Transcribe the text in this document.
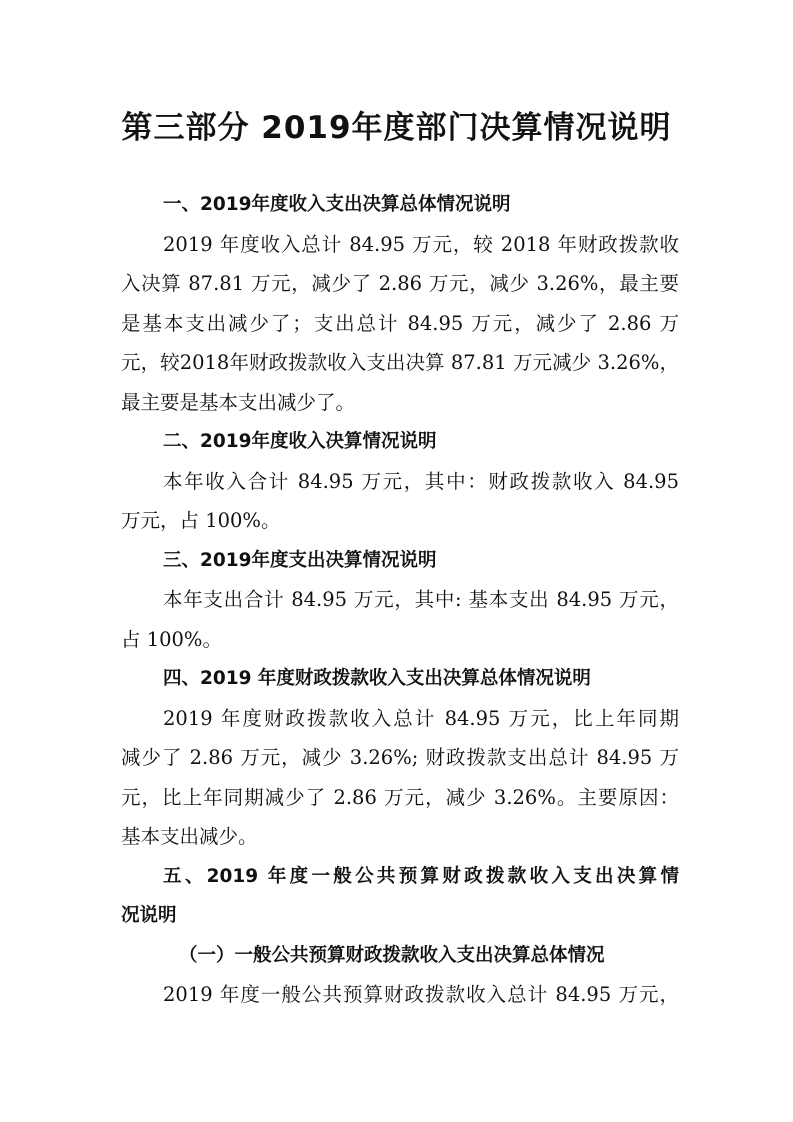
第三部分 2019年度部门决算情况说明
一、2019年度收入支出决算总体情况说明
2019 年度收入总计 84.95 万元，较 2018 年财政拨款收
入决算 87.81 万元，减少了 2.86 万元，减少 3.26%，最主要
是基本支出减少了；支出总计 84.95 万元，减少了 2.86 万
元，较2018年财政拨款收入支出决算 87.81 万元减少 3.26%，
最主要是基本支出减少了。
二、2019年度收入决算情况说明
本年收入合计 84.95 万元，其中：财政拨款收入 84.95
万元，占 100%。
三、2019年度支出决算情况说明
本年支出合计 84.95 万元，其中: 基本支出 84.95 万元，
占 100%。
四、2019 年度财政拨款收入支出决算总体情况说明
2019 年度财政拨款收入总计 84.95 万元，比上年同期
减少了 2.86 万元，减少 3.26%; 财政拨款支出总计 84.95 万
元，比上年同期减少了 2.86 万元，减少 3.26%。主要原因：
基本支出减少。
五、2019 年度一般公共预算财政拨款收入支出决算情
况说明
（一）一般公共预算财政拨款收入支出决算总体情况
2019 年度一般公共预算财政拨款收入总计 84.95 万元，
